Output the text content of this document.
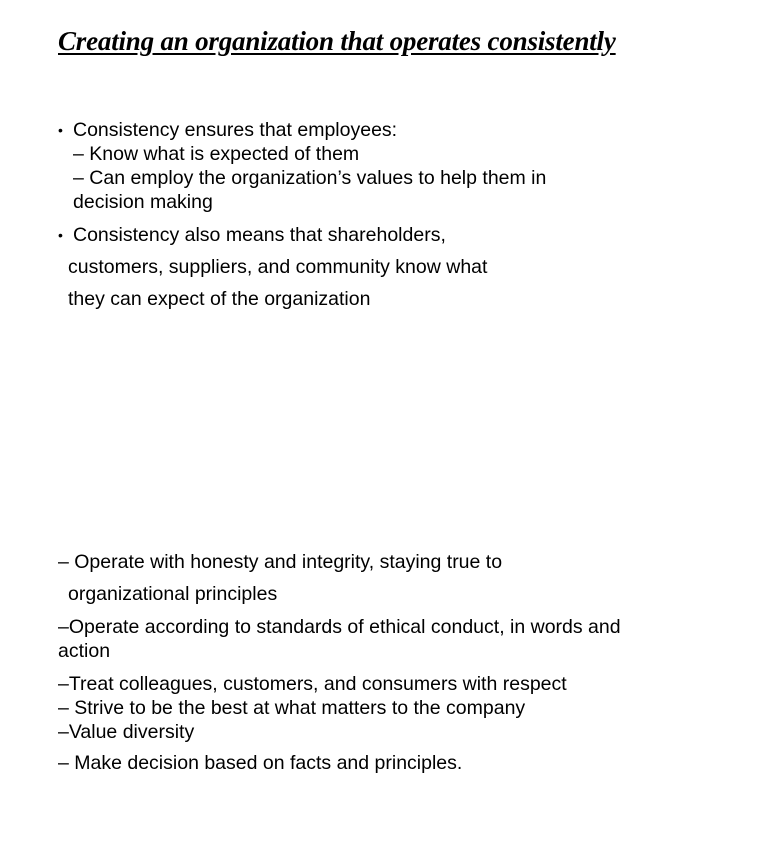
Creating an organization that operates consistently
• Consistency ensures that employees:
– Know what is expected of them
– Can employ the organization’s values to help them in
decision making
• Consistency also means that shareholders,
customers, suppliers, and community know what
they can expect of the organization
– Operate with honesty and integrity, staying true to
organizational principles
–Operate according to standards of ethical conduct, in words and
action
–Treat colleagues, customers, and consumers with respect
– Strive to be the best at what matters to the company
–Value diversity
– Make decision based on facts and principles.
